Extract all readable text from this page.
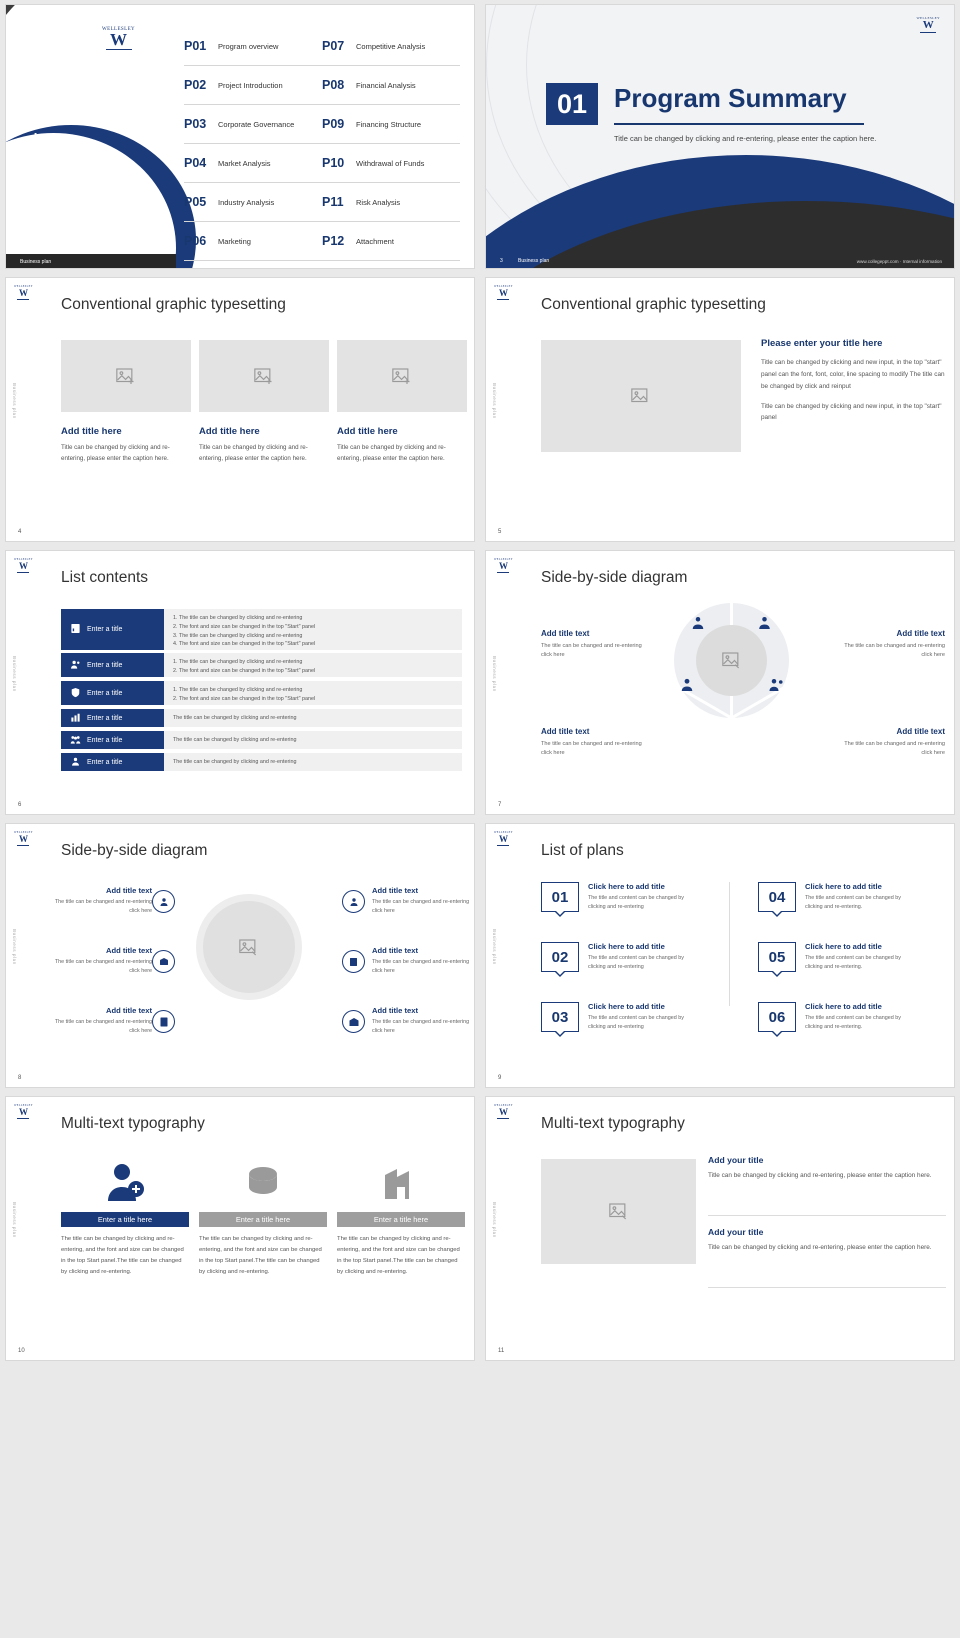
CONTENTS
WELLESLEY
W	P01	Program overview	P07	Competitive Analysis
P02	Project Introduction	P08	Financial Analysis
P03	Corporate Governance P09	Financing Structure
P04	Market Analysis	P10	Withdrawal of Funds
P05	Industry Analysis	P11	Risk Analysis
P06	Marketing	P12	Attachment
Business plan
WELLESLEY
W
01	Program Summary
Title can be changed by clicking and re-entering, please enter the caption here.
3	Business plan	www.collegeppt.com · Internal information
WELLESLEY
W
Conventional graphic typesetting
Business plan
Add title here
Title can be changed by clicking and re-entering, please enter the caption here.
Add title here
Title can be changed by clicking and re-entering, please enter the caption here.
Add title here
Title can be changed by clicking and re-entering, please enter the caption here.
4
WELLESLEY
W
Conventional graphic typesetting
Business plan
Please enter your title here

Title can be changed by clicking and new input, in the top "start" panel can the font, font, color, line spacing to modify The title can be changed by click and reinput

Title can be changed by clicking and new input, in the top "start" panel

5
WELLESLEY
W
List contents
Business plan
Enter a title
1. The title can be changed by clicking and re-entering
2. The font and size can be changed in the top "Start" panel
3. The title can be changed by clicking and re-entering
4. The font and size can be changed in the top "Start" panel
Enter a title	1. The title can be changed by clicking and re-entering
2. The font and size can be changed in the top "Start" panel
Enter a title	1. The title can be changed by clicking and re-entering
2. The font and size can be changed in the top "Start" panel
Enter a title	The title can be changed by clicking and re-entering
Enter a title	The title can be changed by clicking and re-entering
Enter a title	The title can be changed by clicking and re-entering
6
WELLESLEY
W
Side-by-side diagram
Business plan
Add title text

The title can be changed and re-entering click here

Add title text

The title can be changed and re-entering click here

Add title text

The title can be changed and re-entering click here

Add title text

The title can be changed and re-entering click here

7
WELLESLEY
W
Side-by-side diagram
Business plan
Add title text

The title can be changed and re-entering click here

Add title text

The title can be changed and re-entering click here

Add title text

The title can be changed and re-entering click here

Add title text

The title can be changed and re-entering click here

Add title text

The title can be changed and re-entering click here

Add title text

The title can be changed and re-entering click here

8
WELLESLEY
W
List of plans
Business plan
01
Click here to add title

The title and content can be changed by clicking and re-entering

02
Click here to add title

The title and content can be changed by clicking and re-entering

03
Click here to add title

The title and content can be changed by clicking and re-entering

04
Click here to add title

The title and content can be changed by clicking and re-entering.

05
Click here to add title

The title and content can be changed by clicking and re-entering.

06
Click here to add title

The title and content can be changed by clicking and re-entering.

9
WELLESLEY
W
Multi-text typography
Business plan	Enter a title here
The title can be changed by clicking and re-entering, and the font and size can be changed in the top Start panel.The title can be changed by clicking and re-entering.
Enter a title here
The title can be changed by clicking and re-entering, and the font and size can be changed in the top Start panel.The title can be changed by clicking and re-entering.
Enter a title here
The title can be changed by clicking and re-entering, and the font and size can be changed in the top Start panel.The title can be changed by clicking and re-entering.
10
WELLESLEY
W
Multi-text typography
Business plan
Add your title

Title can be changed by clicking and re-entering, please enter the caption here.

Add your title

Title can be changed by clicking and re-entering, please enter the caption here.

11
